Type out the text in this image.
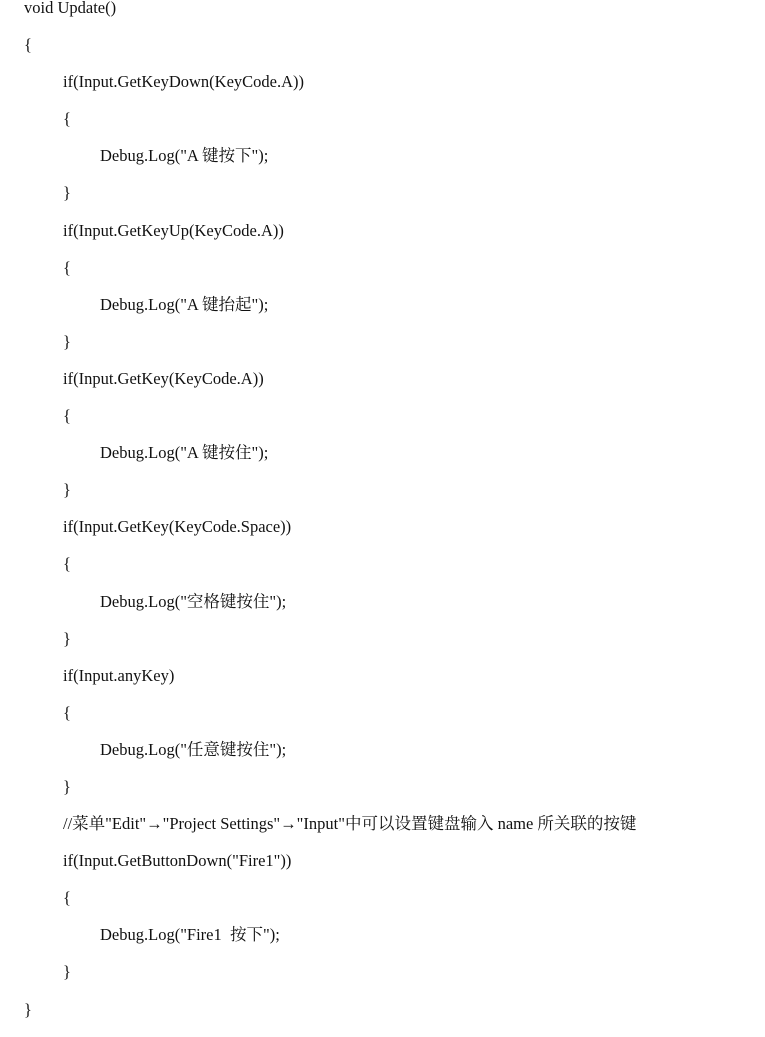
void Update()
{
if(Input.GetKeyDown(KeyCode.A))
{
Debug.Log("A 键按下");
}
if(Input.GetKeyUp(KeyCode.A))
{
Debug.Log("A 键抬起");
}
if(Input.GetKey(KeyCode.A))
{
Debug.Log("A 键按住");
}
if(Input.GetKey(KeyCode.Space))
{
Debug.Log("空格键按住");
}
if(Input.anyKey)
{
Debug.Log("任意键按住");
}
//菜单"Edit"→"Project Settings"→"Input"中可以设置键盘输入 name 所关联的按键
if(Input.GetButtonDown("Fire1"))
{
Debug.Log("Fire1  按下");
}
}
